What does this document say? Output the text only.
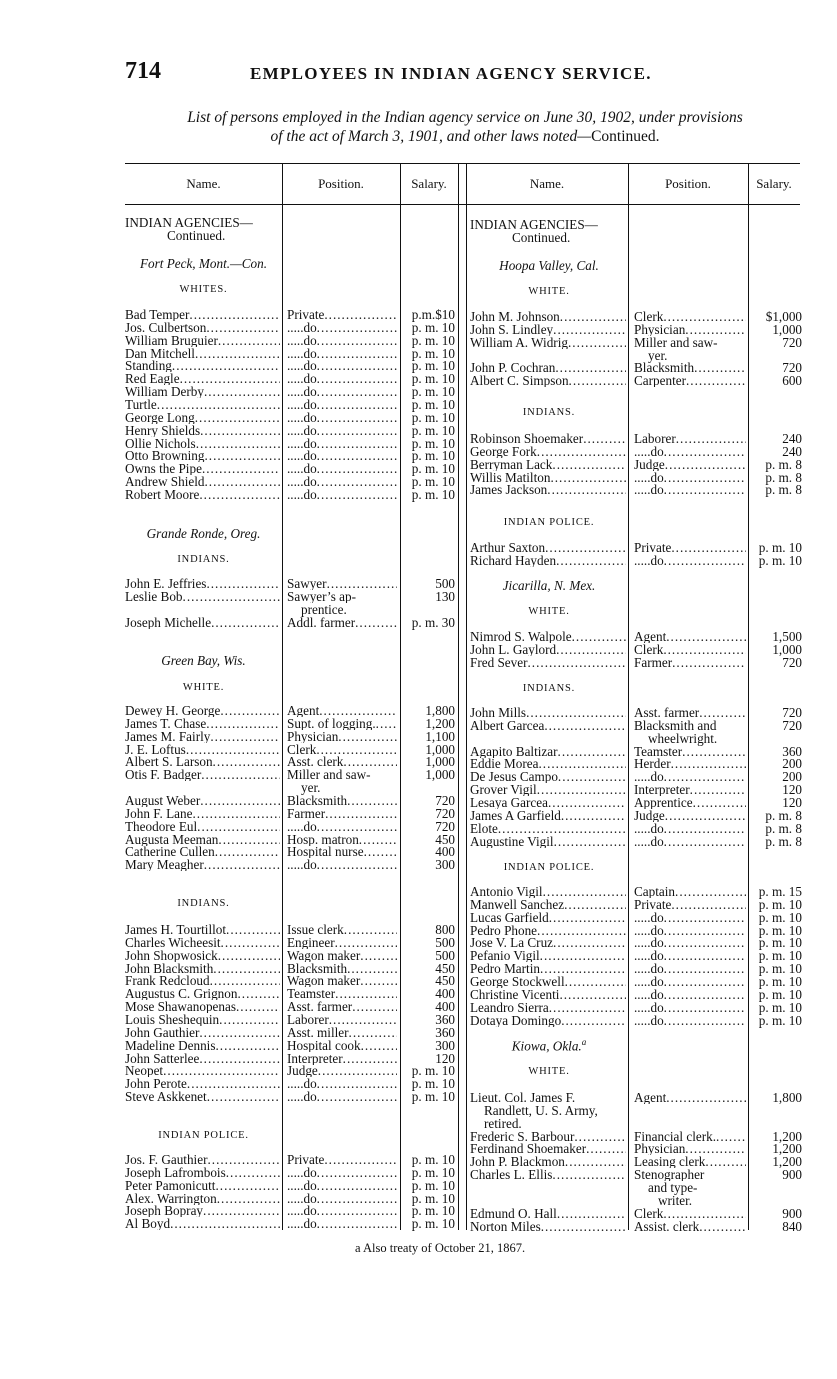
714	EMPLOYEES IN INDIAN AGENCY SERVICE.
List of persons employed in the Indian agency service on June 30, 1902, under provisions
of the act of March 3, 1901, and other laws noted—Continued.
Name.	Position.	Salary.	Name.	Position.	Salary.
INDIAN AGENCIES—
Continued.
Fort Peck, Mont.—Con.
WHITES.
Bad Temper .....	Private .....	p.m.$10
Jos. Culbertson .....	.....do .....	p. m. 10
William Bruguier .....	.....do .....	p. m. 10
Dan Mitchell .....	.....do .....	p. m. 10
Standing .....	.....do .....	p. m. 10
Red Eagle .....	.....do .....	p. m. 10
William Derby .....	.....do .....	p. m. 10
Turtle .....	.....do .....	p. m. 10
George Long .....	.....do .....	p. m. 10
Henry Shields .....	.....do .....	p. m. 10
Ollie Nichols .....	.....do .....	p. m. 10
Otto Browning .....	.....do .....	p. m. 10
Owns the Pipe .....	.....do .....	p. m. 10
Andrew Shield .....	.....do .....	p. m. 10
Robert Moore .....	.....do .....	p. m. 10
Grande Ronde, Oreg.
INDIANS.
John E. Jeffries .....	Sawyer .....	500
Leslie Bob .....	Sawyer’s ap-	130
prentice.
Joseph Michelle .....	Addl. farmer .....	p. m. 30
Green Bay, Wis.
WHITE.
Dewey H. George .....	Agent .....	1,800
James T. Chase .....	Supt. of logging. .....	1,200
James M. Fairly .....	Physician .....	1,100
J. E. Loftus .....	Clerk .....	1,000
Albert S. Larson .....	Asst. clerk .....	1,000
Otis F. Badger .....	Miller and saw-	1,000
yer.
August Weber .....	Blacksmith .....	720
John F. Lane .....	Farmer .....	720
Theodore Eul .....	.....do .....	720
Augusta Meeman .....	Hosp. matron .....	450
Catherine Cullen .....	Hospital nurse .....	400
Mary Meagher .....	.....do .....	300
INDIANS.
James H. Tourtillot .....	Issue clerk .....	800
Charles Wicheesit .....	Engineer .....	500
John Shopwosick .....	Wagon maker .....	500
John Blacksmith .....	Blacksmith .....	450
Frank Redcloud .....	Wagon maker .....	450
Augustus C. Grignon .....	Teamster .....	400
Mose Shawanopenas .....	Asst. farmer .....	400
Louis Sheshequin .....	Laborer .....	360
John Gauthier .....	Asst. miller .....	360
Madeline Dennis .....	Hospital cook .....	300
John Satterlee .....	Interpreter .....	120
Neopet .....	Judge .....	p. m. 10
John Perote .....	.....do .....	p. m. 10
Steve Askkenet .....	.....do .....	p. m. 10
INDIAN POLICE.
Jos. F. Gauthier .....	Private .....	p. m. 10
Joseph Lafrombois .....	.....do .....	p. m. 10
Peter Pamonicutt .....	.....do .....	p. m. 10
Alex. Warrington .....	.....do .....	p. m. 10
Joseph Bopray .....	.....do .....	p. m. 10
Al Boyd .....	.....do .....	p. m. 10
INDIAN AGENCIES—
Continued.
Hoopa Valley, Cal.
WHITE.
John M. Johnson .....	Clerk .....	$1,000
John S. Lindley .....	Physician .....	1,000
William A. Widrig .....	Miller and saw-	720
yer.
John P. Cochran .....	Blacksmith .....	720
Albert C. Simpson .....	Carpenter .....	600
INDIANS.
Robinson Shoemaker .....	Laborer .....	240
George Fork .....	.....do .....	240
Berryman Lack .....	Judge .....	p. m. 8
Willis Matilton .....	.....do .....	p. m. 8
James Jackson .....	.....do .....	p. m. 8
INDIAN POLICE.
Arthur Saxton .....	Private .....	p. m. 10
Richard Hayden .....	.....do .....	p. m. 10
Jicarilla, N. Mex.
WHITE.
Nimrod S. Walpole .....	Agent .....	1,500
John L. Gaylord .....	Clerk .....	1,000
Fred Sever .....	Farmer .....	720
INDIANS.
John Mills .....	Asst. farmer .....	720
Albert Garcea .....	Blacksmith and	720
wheelwright.
Agapito Baltizar .....	Teamster .....	360
Eddie Morea .....	Herder .....	200
De Jesus Campo .....	.....do .....	200
Grover Vigil .....	Interpreter .....	120
Lesaya Garcea .....	Apprentice .....	120
James A Garfield .....	Judge .....	p. m. 8
Elote .....	.....do .....	p. m. 8
Augustine Vigil .....	.....do .....	p. m. 8
INDIAN POLICE.
Antonio Vigil .....	Captain .....	p. m. 15
Manwell Sanchez .....	Private .....	p. m. 10
Lucas Garfield .....	.....do .....	p. m. 10
Pedro Phone .....	.....do .....	p. m. 10
Jose V. La Cruz .....	.....do .....	p. m. 10
Pefanio Vigil .....	.....do .....	p. m. 10
Pedro Martin .....	.....do .....	p. m. 10
George Stockwell .....	.....do .....	p. m. 10
Christine Vicenti .....	.....do .....	p. m. 10
Leandro Sierra .....	.....do .....	p. m. 10
Dotaya Domingo .....	.....do .....	p. m. 10
Kiowa, Okla.$^a$
WHITE.
Lieut. Col. James F.	Agent .....	1,800
Randlett, U. S. Army,
retired.
Frederic S. Barbour .....	Financial clerk. .....	1,200
Ferdinand Shoemaker .....	Physician .....	1,200
John P. Blackmon .....	Leasing clerk .....	1,200
Charles L. Ellis .....	Stenographer	900
and type-
writer.
Edmund O. Hall .....	Clerk .....	900
Norton Miles .....	Assist. clerk .....	840
a Also treaty of October 21, 1867.
